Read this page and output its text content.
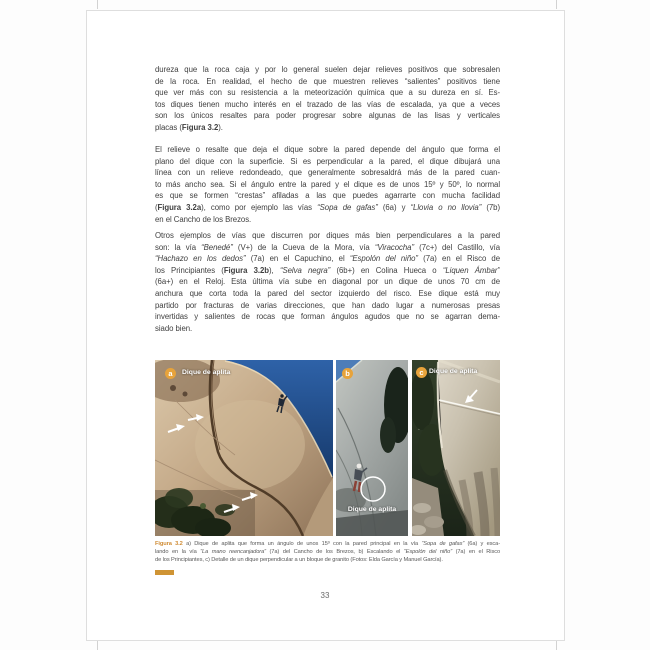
dureza que la roca caja y por lo general suelen dejar relieves positivos que sobresalen
de la roca. En realidad, el hecho de que muestren relieves “salientes” positivos tiene
que ver más con su resistencia a la meteorización química que a su dureza en sí. Es-
tos diques tienen mucho interés en el trazado de las vías de escalada, ya que a veces
son los únicos resaltes para poder progresar sobre algunas de las lisas y verticales
placas (Figura 3.2).
El relieve o resalte que deja el dique sobre la pared depende del ángulo que forma el
plano del dique con la superficie. Si es perpendicular a la pared, el dique dibujará una
línea con un relieve redondeado, que generalmente sobresaldrá más de la pared cuan-
to más ancho sea. Si el ángulo entre la pared y el dique es de unos 15º y 50º, lo normal
es que se formen “crestas” afiladas a las que puedes agarrarte con mucha facilidad
(Figura 3.2a), como por ejemplo las vías “Sopa de gafas” (6a) y “Llovia o no llovia” (7b)
en el Cancho de los Brezos.
Otros ejemplos de vías que discurren por diques más bien perpendiculares a la pared
son: la vía “Benedé” (V+) de la Cueva de la Mora, vía “Viracocha” (7c+) del Castillo, vía
“Hachazo en los dedos” (7a) en el Capuchino, el “Espolón del niño” (7a) en el Risco de
los Principiantes (Figura 3.2b), “Selva negra” (6b+) en Colina Hueca o “Liquen Ámbar”
(6a+) en el Reloj. Esta última vía sube en diagonal por un dique de unos 70 cm de
anchura que corta toda la pared del sector izquierdo del risco. Ese dique está muy
partido por fracturas de varias direcciones, que han dado lugar a numerosas presas
invertidas y salientes de rocas que forman ángulos agudos que no se agarran dema-
siado bien.
a	Dique de aplita	b
Dique de aplita
c Dique de aplita
Figura 3.2 a) Dique de aplita que forma un ángulo de unos 15º con la pared principal en la vía “Sopa de gafas” (6a) y esca-
lando en la vía “La mano reencanjadora” (7a) del Cancho de los Brezos, b) Escalando el “Espolón del niño” (7a) en el Risco
de los Principiantes, c) Detalle de un dique perpendicular a un bloque de granito (Fotos: Elda García y Manuel García).
33
